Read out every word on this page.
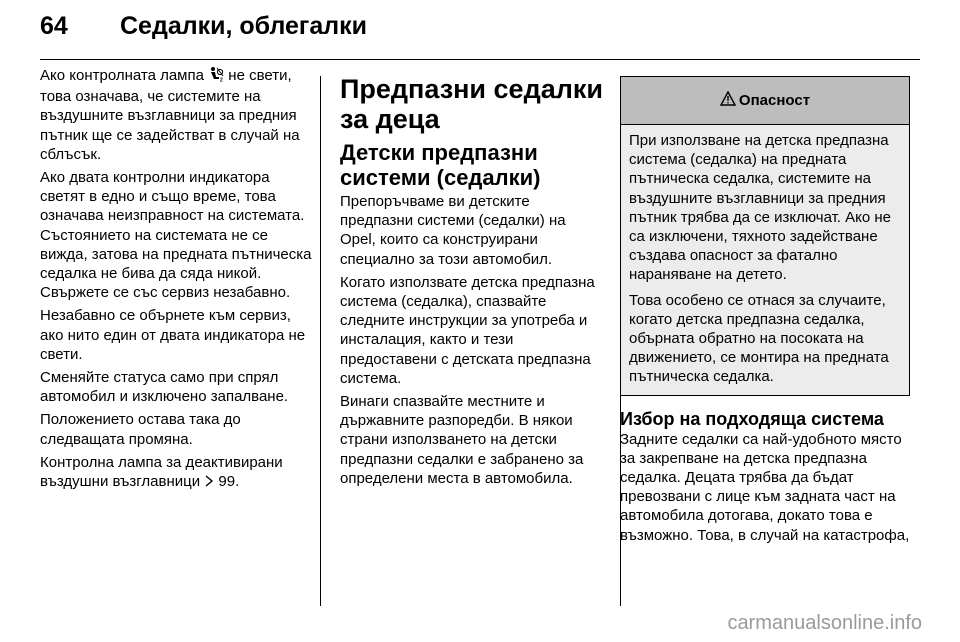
64	Седалки, облегалки

Ако контролната лампа 2 не свети, това означава, че системите на въздушните възглавници за предния пътник ще се задействат в случай на сблъсък.

Ако двата контролни индикатора светят в едно и също време, това означава неизправност на системата. Състоянието на системата не се вижда, затова на предната пътническа седалка не бива да сяда никой. Свържете се със сервиз незабавно.

Незабавно се обърнете към сервиз, ако нито един от двата индикатора не свети.

Сменяйте статуса само при спрял автомобил и изключено запалване.

Положението остава така до следващата промяна.

Контролна лампа за деактивирани въздушни възглавници  99.

Предпазни седалки за деца
Детски предпазни системи (седалки)

Препоръчваме ви детските предпазни системи (седалки) на Opel, които са конструирани специално за този автомобил.

Когато използвате детска предпазна система (седалка), спазвайте следните инструкции за употреба и инсталация, както и тези предоставени с детската предпазна система.

Винаги спазвайте местните и държавните разпоредби. В някои страни използването на детски предпазни седалки е забранено за определени места в автомобила.

Опасност

При използване на детска предпазна система (седалка) на предната пътническа седалка, системите на въздушните възглавници за предния пътник трябва да се изключат. Ако не са изключени, тяхното задействане създава опасност за фатално нараняване на детето.

Това особено се отнася за случаите, когато детска предпазна седалка, обърната обратно на посоката на движението, се монтира на предната пътническа седалка.

Избор на подходяща система

Задните седалки са най-удобното място за закрепване на детска предпазна седалка. Децата трябва да бъдат превозвани с лице към задната част на автомобила дотогава, докато това е възможно. Това, в случай на катастрофа,

carmanualsonline.info
